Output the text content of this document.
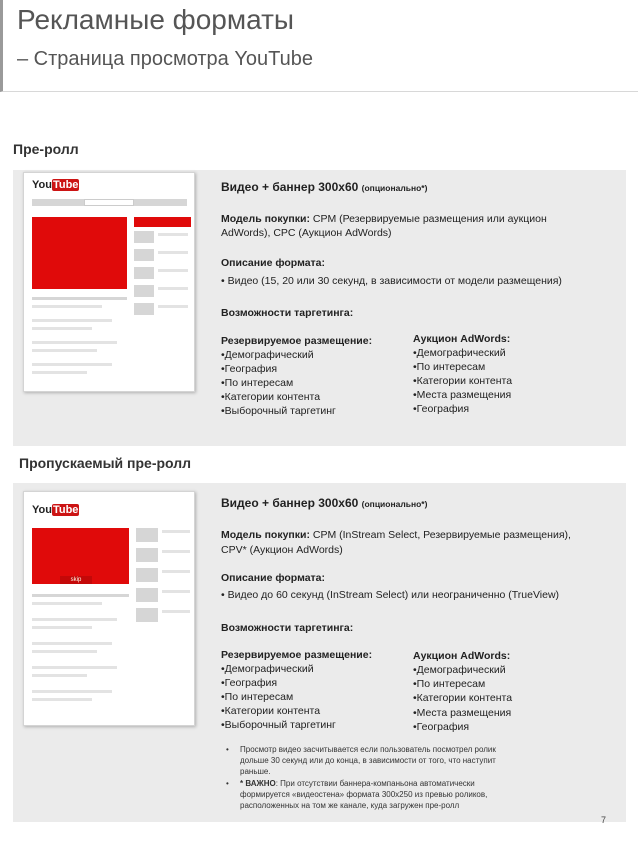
Рекламные форматы
– Страница просмотра YouTube
Пре-ролл
YouTube	Видео + баннер 300x60 (опционально*)
Модель покупки: CPM (Резервируемые размещения или аукцион
AdWords), CPC (Аукцион AdWords)
Описание формата:
• Видео (15, 20 или 30 секунд, в зависимости от модели размещения)
Возможности таргетинга:
Резервируемое размещение:
•Демографический
•География
•По интересам
•Категории контента
•Выборочный таргетинг
Аукцион AdWords:
•Демографический
•По интересам
•Категории контента
•Места размещения
•География
Пропускаемый пре-ролл
YouTube
skip
Видео + баннер 300x60 (опционально*)
Модель покупки: CPM (InStream Select, Резервируемые размещения),
CPV* (Аукцион AdWords)
Описание формата:
• Видео до 60 секунд (InStream Select) или неограниченно (TrueView)
Возможности таргетинга:
Резервируемое размещение:
•Демографический
•География
•По интересам
•Категории контента
•Выборочный таргетинг
Аукцион AdWords:
•Демографический
•По интересам
•Категории контента
•Места размещения
•География
• Просмотр видео засчитывается если пользователь посмотрел ролик
дольше 30 секунд или до конца, в зависимости от того, что наступит
раньше.
• * ВАЖНО: При отсутствии баннера-компаньона автоматически
формируется «видеостена» формата 300x250 из превью роликов,
расположенных на том же канале, куда загружен пре-ролл
7
